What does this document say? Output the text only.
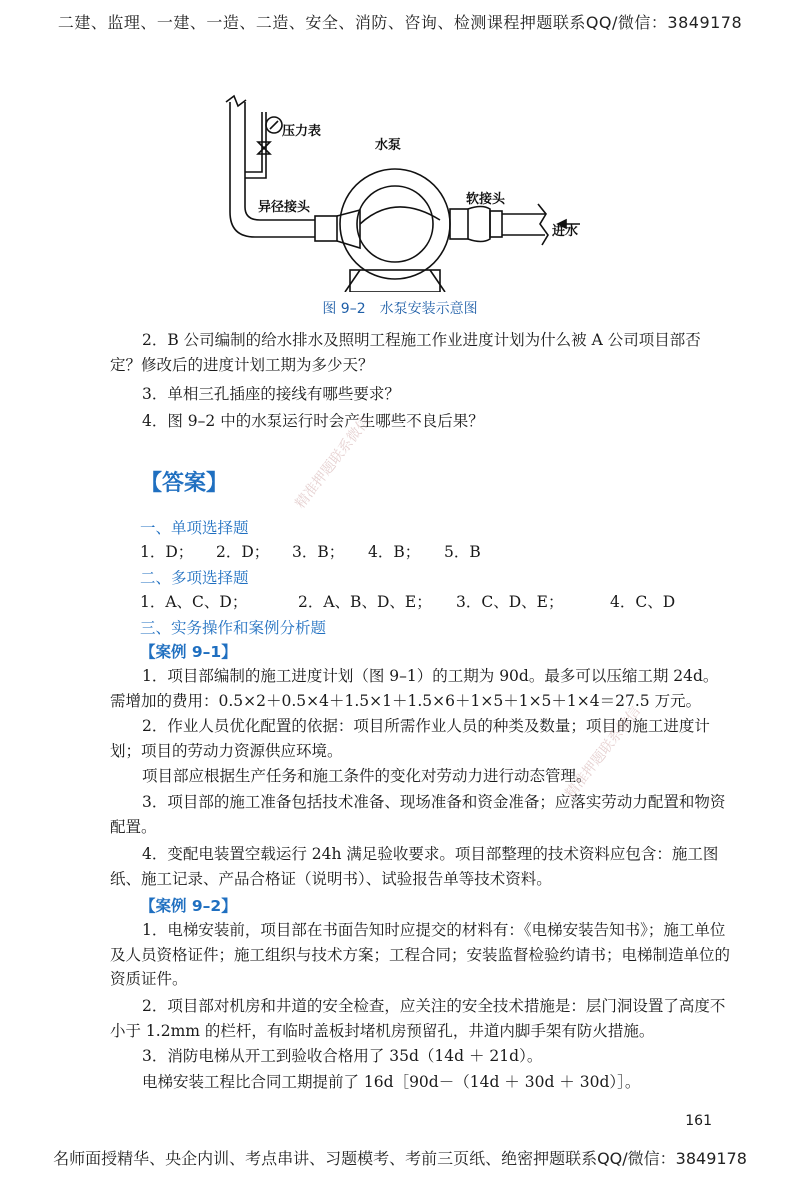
二建、监理、一建、一造、二造、安全、消防、咨询、检测课程押题联系QQ/微信：3849178
压力表
水泵
异径接头
软接头
进水
图 9–2　水泵安装示意图

2．B 公司编制的给水排水及照明工程施工作业进度计划为什么被 A 公司项目部否定？修改后的进度计划工期为多少天？

3．单相三孔插座的接线有哪些要求？

4．图 9–2 中的水泵运行时会产生哪些不良后果？

【答案】
一、单项选择题
1．D； 2．D； 3．B； 4．B； 5．B
二、多项选择题
1．A、C、D；	2．A、B、D、E； 3．C、D、E；	4．C、D
三、实务操作和案例分析题
【案例 9–1】

1．项目部编制的施工进度计划（图 9–1）的工期为 90d。最多可以压缩工期 24d。需增加的费用：0.5×2＋0.5×4＋1.5×1＋1.5×6＋1×5＋1×5＋1×4＝27.5 万元。

2．作业人员优化配置的依据：项目所需作业人员的种类及数量；项目的施工进度计划；项目的劳动力资源供应环境。

项目部应根据生产任务和施工条件的变化对劳动力进行动态管理。

3．项目部的施工准备包括技术准备、现场准备和资金准备；应落实劳动力配置和物资配置。

4．变配电装置空载运行 24h 满足验收要求。项目部整理的技术资料应包含：施工图纸、施工记录、产品合格证（说明书）、试验报告单等技术资料。

【案例 9–2】

1．电梯安装前，项目部在书面告知时应提交的材料有：《电梯安装告知书》；施工单位及人员资格证件；施工组织与技术方案；工程合同；安装监督检验约请书；电梯制造单位的资质证件。

2．项目部对机房和井道的安全检查，应关注的安全技术措施是：层门洞设置了高度不小于 1.2mm 的栏杆，有临时盖板封堵机房预留孔，井道内脚手架有防火措施。

3．消防电梯从开工到验收合格用了 35d（14d ＋ 21d）。

电梯安装工程比合同工期提前了 16d［90d－（14d ＋ 30d ＋ 30d）］。

精准押题联系微信
精准押题联系微信
161
名师面授精华、央企内训、考点串讲、习题模考、考前三页纸、绝密押题联系QQ/微信：3849178
